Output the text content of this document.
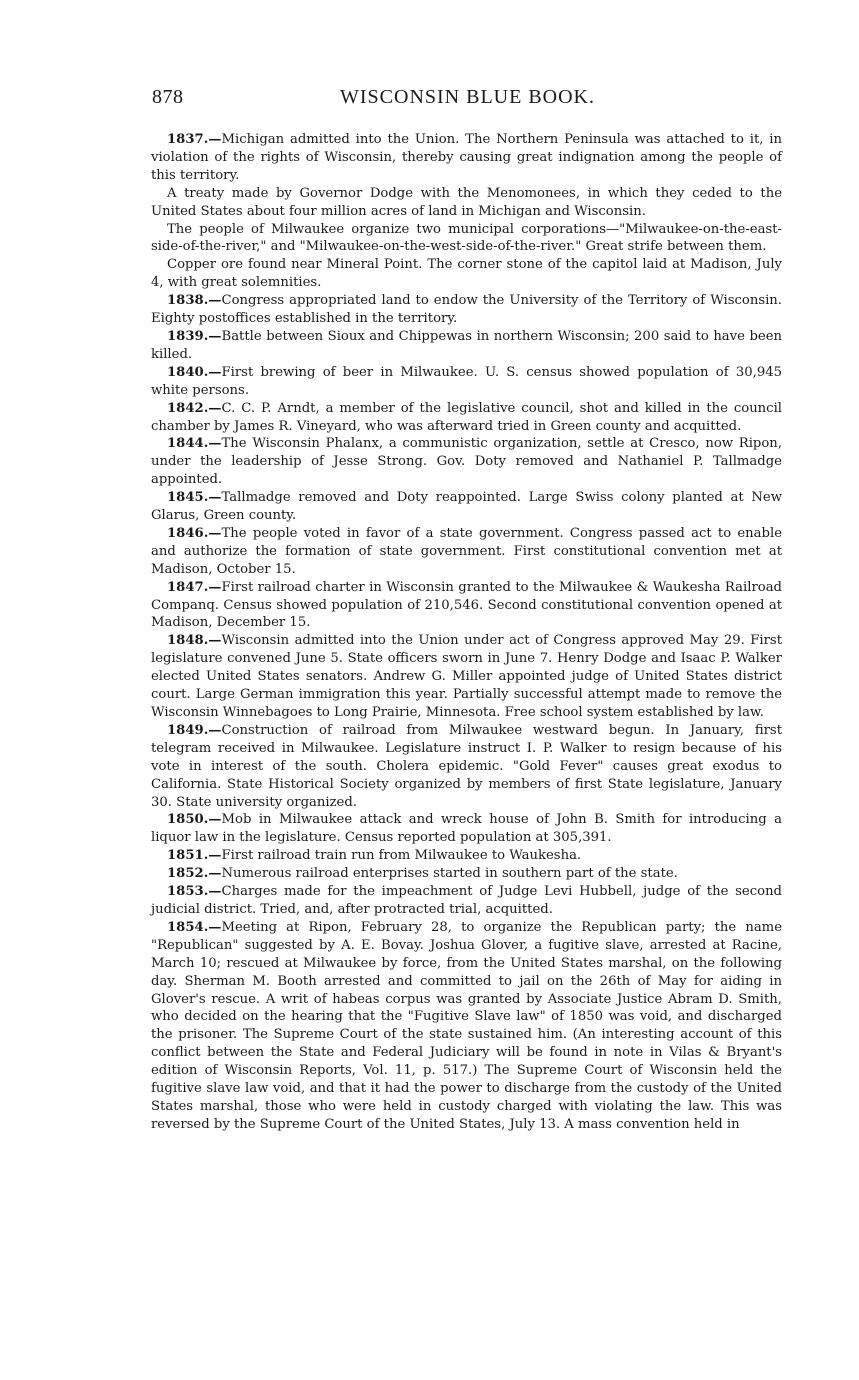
878	WISCONSIN BLUE BOOK.

1837 .— Michigan admitted into the Union. The Northern Peninsula was attached to it, in violation of the rights of Wisconsin, thereby causing great indignation among the people of this territory.

A treaty made by Governor Dodge with the Menomonees, in which they ceded to the United States about four million acres of land in Michigan and Wisconsin.

The people of Milwaukee organize two municipal corporations—"Milwaukee-on-the-east-side-of-the-river," and "Milwaukee-on-the-west-side-of-the-river." Great strife between them.

Copper ore found near Mineral Point. The corner stone of the capitol laid at Madison, July 4, with great solemnities.

1838 .— Congress appropriated land to endow the University of the Territory of Wisconsin. Eighty postoffices established in the territory.

1839 .— Battle between Sioux and Chippewas in northern Wisconsin; 200 said to have been killed.

1840 .— First brewing of beer in Milwaukee. U. S. census showed population of 30,945 white persons.

1842 .— C. C. P. Arndt, a member of the legislative council, shot and killed in the council chamber by James R. Vineyard, who was afterward tried in Green county and acquitted.

1844 .— The Wisconsin Phalanx, a communistic organization, settle at Cresco, now Ripon, under the leadership of Jesse Strong. Gov. Doty removed and Nathaniel P. Tallmadge appointed.

1845 .— Tallmadge removed and Doty reappointed. Large Swiss colony planted at New Glarus, Green county.

1846 .— The people voted in favor of a state government. Congress passed act to enable and authorize the formation of state government. First constitutional convention met at Madison, October 15.

1847 .— First railroad charter in Wisconsin granted to the Milwaukee & Waukesha Railroad Companq. Census showed population of 210,546. Second constitutional convention opened at Madison, December 15.

1848 .— Wisconsin admitted into the Union under act of Congress approved May 29. First legislature convened June 5. State officers sworn in June 7. Henry Dodge and Isaac P. Walker elected United States senators. Andrew G. Miller appointed judge of United States district court. Large German immigration this year. Partially successful attempt made to remove the Wisconsin Winnebagoes to Long Prairie, Minnesota. Free school system established by law.

1849 .— Construction of railroad from Milwaukee westward begun. In January, first telegram received in Milwaukee. Legislature instruct I. P. Walker to resign because of his vote in interest of the south. Cholera epidemic. "Gold Fever" causes great exodus to California. State Historical Society organized by members of first State legislature, January 30. State university organized.

1850 .— Mob in Milwaukee attack and wreck house of John B. Smith for introducing a liquor law in the legislature. Census reported population at 305,391.

1851 .— First railroad train run from Milwaukee to Waukesha.

1852 .— Numerous railroad enterprises started in southern part of the state.

1853 .— Charges made for the impeachment of Judge Levi Hubbell, judge of the second judicial district. Tried, and, after protracted trial, acquitted.

1854 .— Meeting at Ripon, February 28, to organize the Republican party; the name "Republican" suggested by A. E. Bovay. Joshua Glover, a fugitive slave, arrested at Racine, March 10; rescued at Milwaukee by force, from the United States marshal, on the following day. Sherman M. Booth arrested and committed to jail on the 26th of May for aiding in Glover's rescue. A writ of habeas corpus was granted by Associate Justice Abram D. Smith, who decided on the hearing that the "Fugitive Slave law" of 1850 was void, and discharged the prisoner. The Supreme Court of the state sustained him. (An interesting account of this conflict between the State and Federal Judiciary will be found in note in Vilas & Bryant's edition of Wisconsin Reports, Vol. 11, p. 517.) The Supreme Court of Wisconsin held the fugitive slave law void, and that it had the power to discharge from the custody of the United States marshal, those who were held in custody charged with violating the law. This was reversed by the Supreme Court of the United States, July 13. A mass convention held in
